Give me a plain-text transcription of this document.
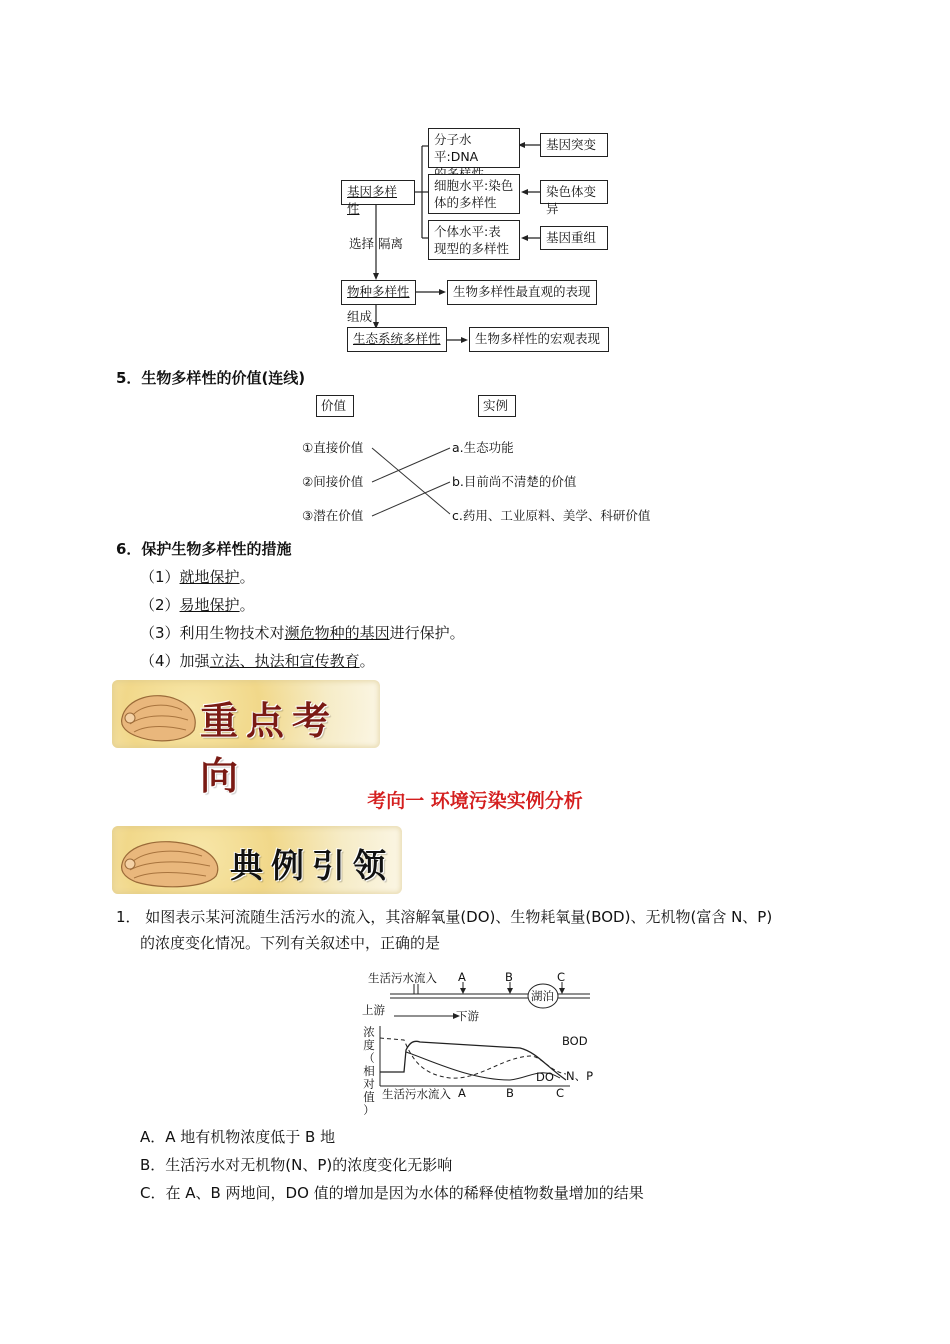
基因多样性
分子水平:DNA
细胞水平:染色
体的多样性
个体水平:表
现型的多样性
基因突变
染色体变异
基因重组
选择 隔离
物种多样性	生物多样性最直观的表现
组成
生态系统多样性	生物多样性的宏观表现
5．生物多样性的价值(连线)
价值	实例
①直接价值
②间接价值
③潜在价值
a.生态功能
b.目前尚不清楚的价值
c.药用、工业原料、美学、科研价值
6．保护生物多样性的措施
（1）就地保护。
（2）易地保护。
（3）利用生物技术对濒危物种的基因进行保护。
（4）加强立法、执法和宣传教育。
重点考向
考向一 环境污染实例分析
典例引领
1． 如图表示某河流随生活污水的流入，其溶解氧量(DO)、生物耗氧量(BOD)、无机物(富含 N、P)
的浓度变化情况。下列有关叙述中，正确的是
生活污水流入 A	B	C
湖泊
上游	下游
浓
度
（
相
对
值
）
BOD
DO N、P
生活污水流入 A	B	C
A．A 地有机物浓度低于 B 地
B．生活污水对无机物(N、P)的浓度变化无影响
C．在 A、B 两地间，DO 值的增加是因为水体的稀释使植物数量增加的结果
